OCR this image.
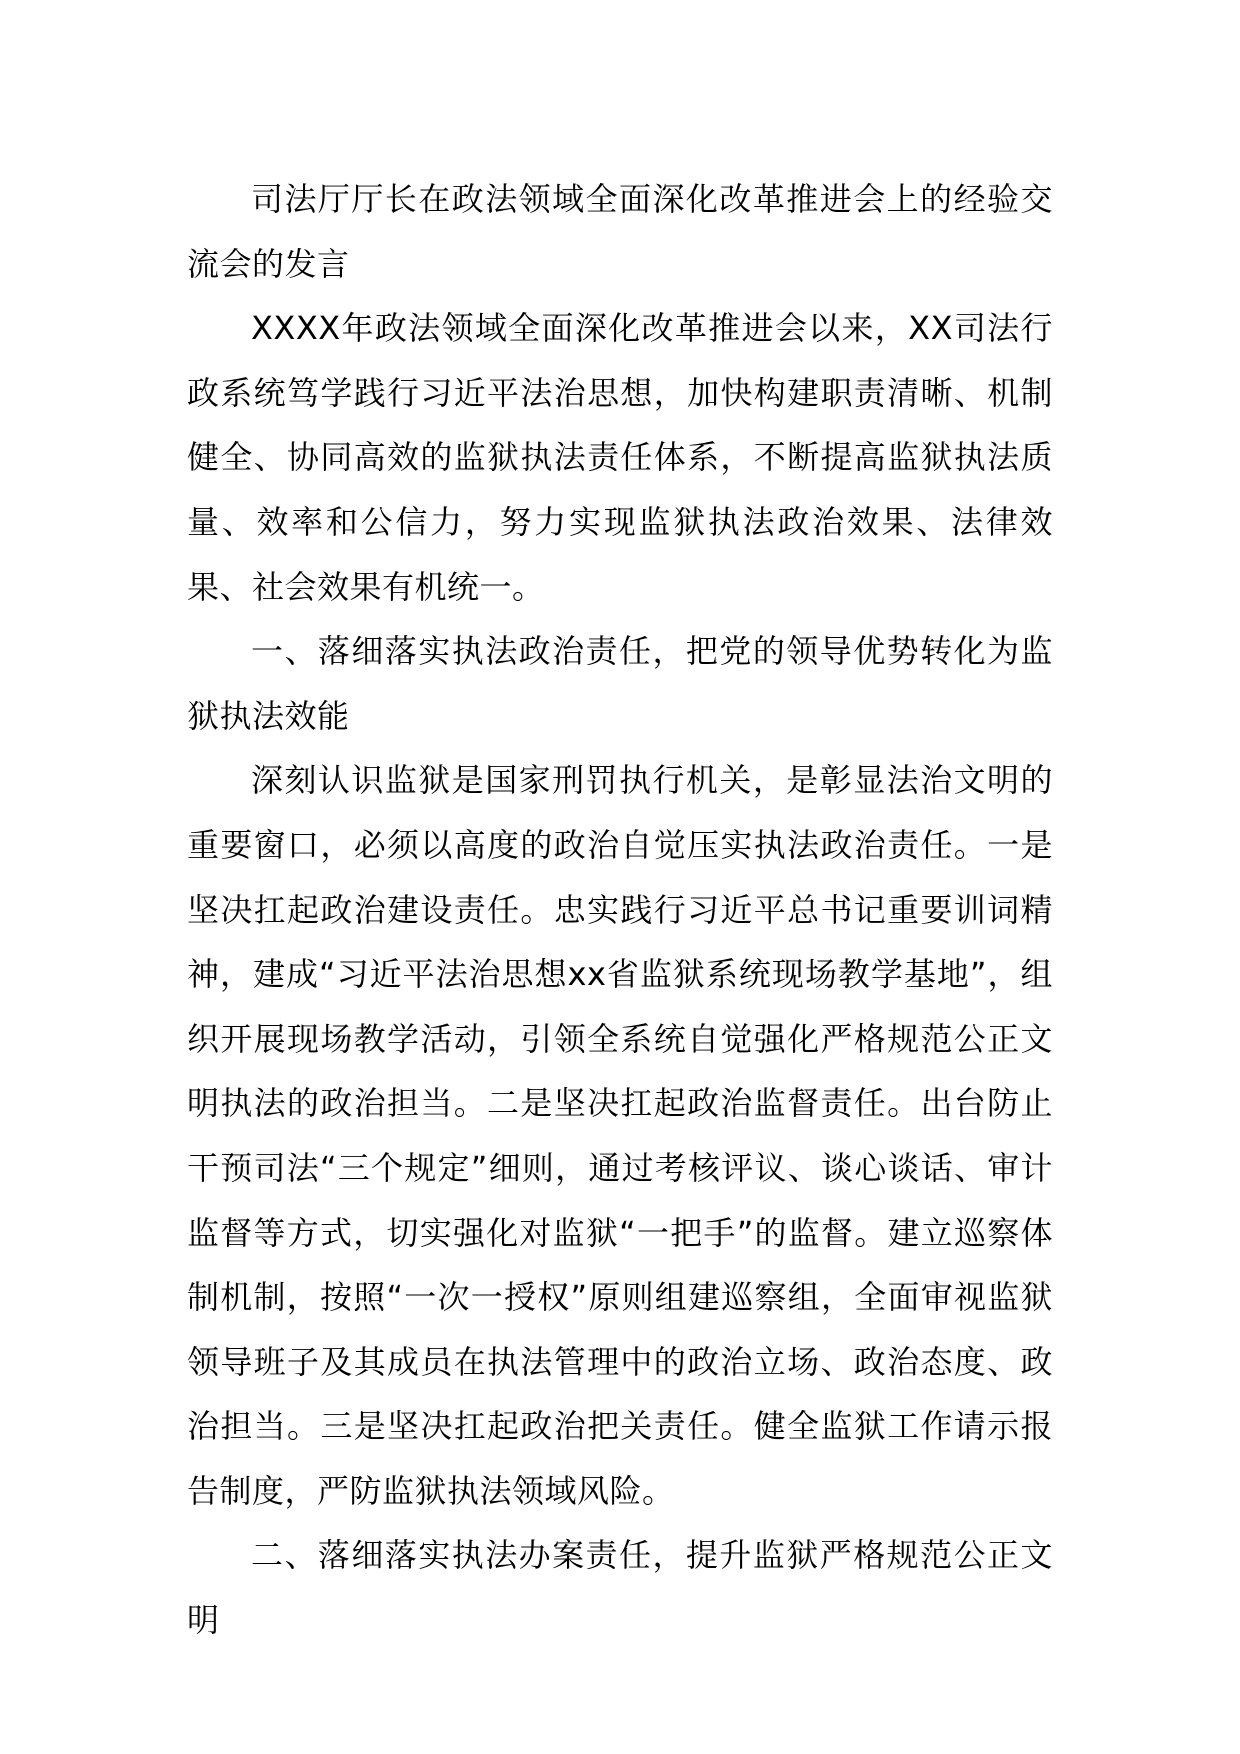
司法厅厅长在政法领域全面深化改革推进会上的经验交流会的发言

XXXX年政法领域全面深化改革推进会以来，XX司法行政系统笃学践行习近平法治思想，加快构建职责清晰、机制健全、协同高效的监狱执法责任体系，不断提高监狱执法质量、效率和公信力，努力实现监狱执法政治效果、法律效果、社会效果有机统一。

一、落细落实执法政治责任，把党的领导优势转化为监狱执法效能

深刻认识监狱是国家刑罚执行机关，是彰显法治文明的重要窗口，必须以高度的政治自觉压实执法政治责任。一是坚决扛起政治建设责任。忠实践行习近平总书记重要训词精神，建成“习近平法治思想xx省监狱系统现场教学基地”，组织开展现场教学活动，引领全系统自觉强化严格规范公正文明执法的政治担当。二是坚决扛起政治监督责任。出台防止干预司法“三个规定”细则，通过考核评议、谈心谈话、审计监督等方式，切实强化对监狱“一把手”的监督。建立巡察体制机制，按照“一次一授权”原则组建巡察组，全面审视监狱领导班子及其成员在执法管理中的政治立场、政治态度、政治担当。三是坚决扛起政治把关责任。健全监狱工作请示报告制度，严防监狱执法领域风险。

二、落细落实执法办案责任，提升监狱严格规范公正文明
